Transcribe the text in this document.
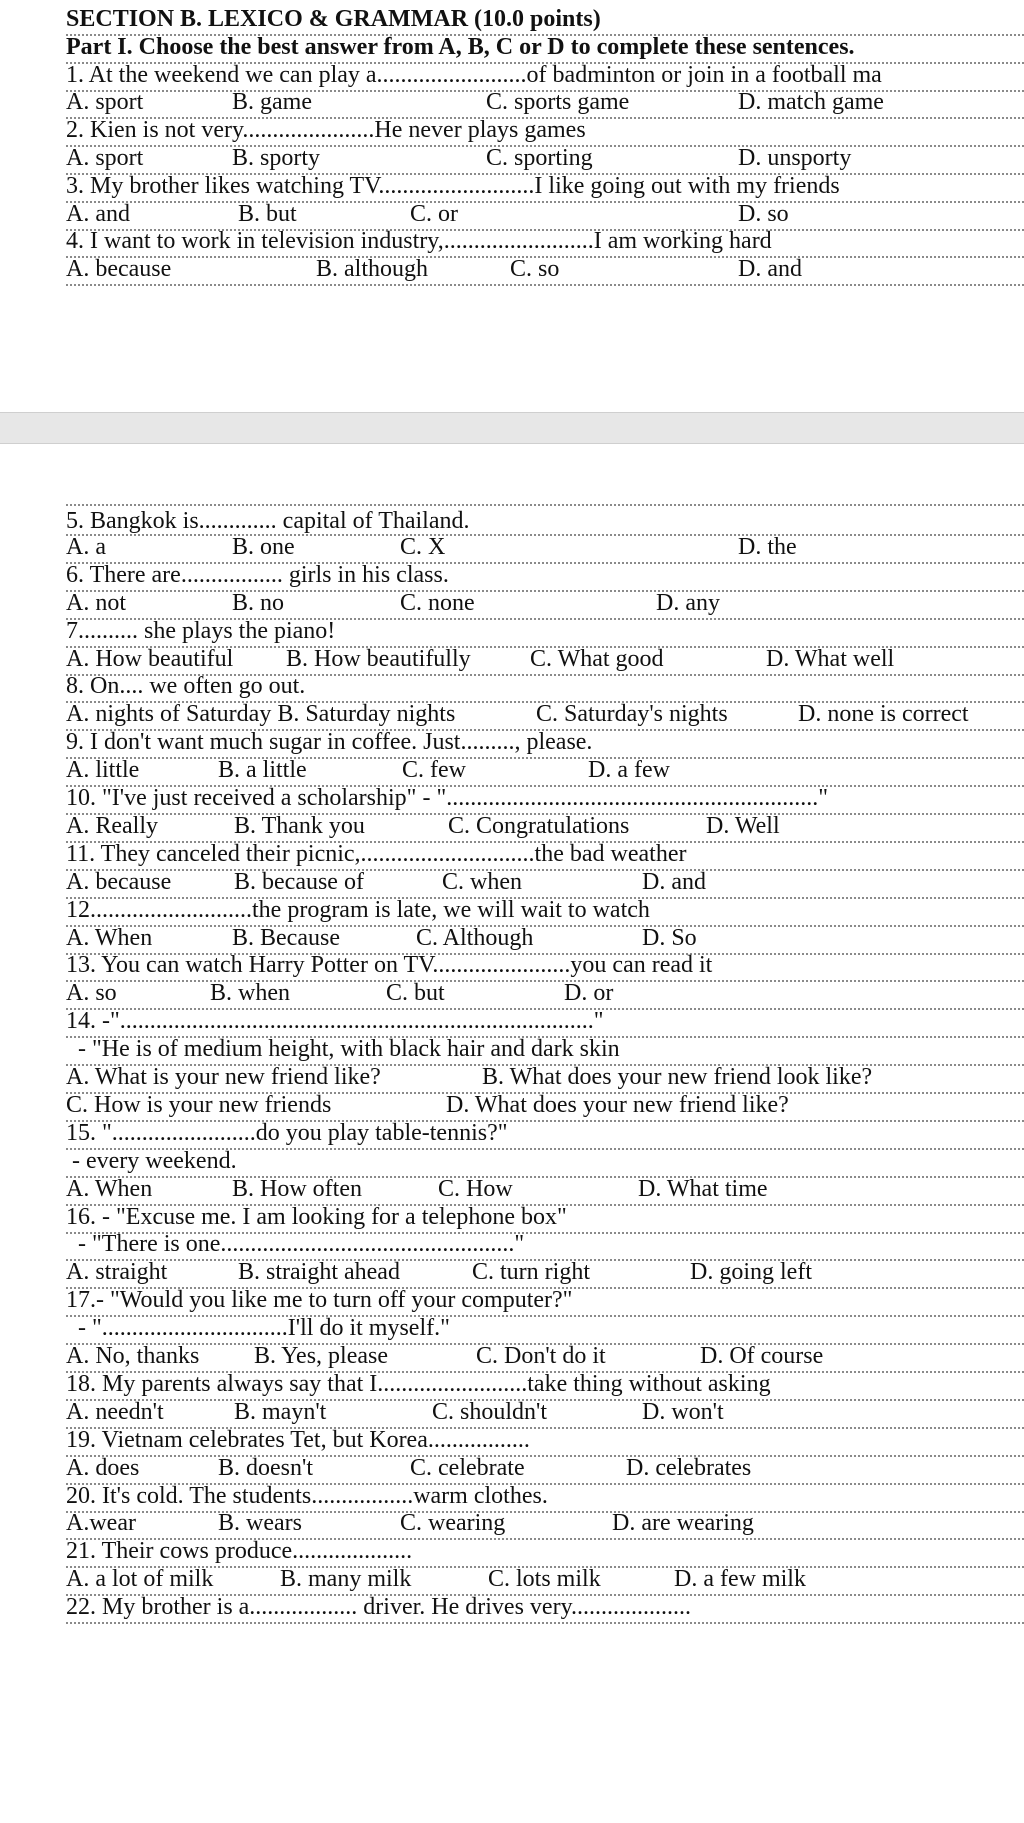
SECTION B. LEXICO & GRAMMAR (10.0 points)
Part I. Choose the best answer from A, B, C or D to complete these sentences.
1. At the weekend we can play a.........................of badminton or join in a football ma
A. sport	B. game	C. sports game	D. match game
2. Kien is not very......................He never plays games
A. sport	B. sporty	C. sporting	D. unsporty
3. My brother likes watching TV..........................I like going out with my friends
A. and	B. but	C. or	D. so
4. I want to work in television industry,.........................I am working hard
A. because	B. although	C. so	D. and
5. Bangkok is............. capital of Thailand.
A. a	B. one	C. X	D. the
6. There are................. girls in his class.
A. not	B. no	C. none	D. any
7.......... she plays the piano!
A. How beautiful B. How beautifully C. What good	D. What well
8. On.... we often go out.
A. nights of Saturday B. Saturday nights	C. Saturday's nights	D. none is correct
9. I don't want much sugar in coffee. Just........., please.
A. little	B. a little	C. few	D. a few
10. "I've just received a scholarship" - ".............................................................."
A. Really	B. Thank you	C. Congratulations	D. Well
11. They canceled their picnic,.............................the bad weather
A. because	B. because of	C. when	D. and
12...........................the program is late, we will wait to watch
A. When	B. Because	C. Although	D. So
13. You can watch Harry Potter on TV.......................you can read it
A. so	B. when	C. but	D. or
14. -"..............................................................................."
- "He is of medium height, with black hair and dark skin
A. What is your new friend like?	B. What does your new friend look like?
C. How is your new friends	D. What does your new friend like?
15. "........................do you play table-tennis?"
- every weekend.
A. When	B. How often	C. How	D. What time
16. - "Excuse me. I am looking for a telephone box"
- "There is one................................................."
A. straight	B. straight ahead	C. turn right	D. going left
17.- "Would you like me to turn off your computer?"
- "...............................I'll do it myself."
A. No, thanks B. Yes, please	C. Don't do it	D. Of course
18. My parents always say that I.........................take thing without asking
A. needn't	B. mayn't	C. shouldn't	D. won't
19. Vietnam celebrates Tet, but Korea.................
A. does	B. doesn't	C. celebrate	D. celebrates
20. It's cold. The students.................warm clothes.
A.wear	B. wears	C. wearing	D. are wearing
21. Their cows produce....................
A. a lot of milk	B. many milk	C. lots milk	D. a few milk
22. My brother is a.................. driver. He drives very....................
